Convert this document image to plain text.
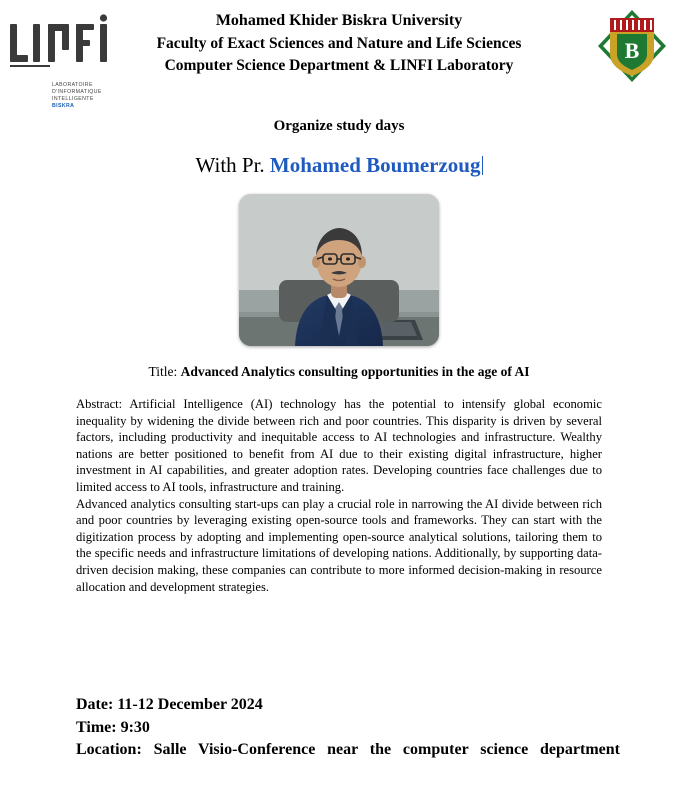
LABORATOIRE
D'INFORMATIQUE
INTELLIGENTE
BISKRA
Mohamed Khider Biskra University
Faculty of Exact Sciences and Nature and Life Sciences
Computer Science Department & LINFI Laboratory
B
Organize study days
With Pr. Mohamed Boumerzoug
Title: Advanced Analytics consulting opportunities in the age of AI

Abstract: Artificial Intelligence (AI) technology has the potential to intensify global economic inequality by widening the divide between rich and poor countries. This disparity is driven by several factors, including productivity and inequitable access to AI technologies and infrastructure. Wealthy nations are better positioned to benefit from AI due to their existing digital infrastructure, higher investment in AI capabilities, and greater adoption rates. Developing countries face challenges due to limited access to AI tools, infrastructure and training.

Advanced analytics consulting start-ups can play a crucial role in narrowing the AI divide between rich and poor countries by leveraging existing open-source tools and frameworks. They can start with the digitization process by adopting and implementing open-source analytical solutions, tailoring them to the specific needs and infrastructure limitations of developing nations. Additionally, by supporting data-driven decision making, these companies can contribute to more informed decision-making in resource allocation and development strategies.

Date: 11-12 December 2024
Time: 9:30
Location: Salle Visio-Conference near the computer science department
